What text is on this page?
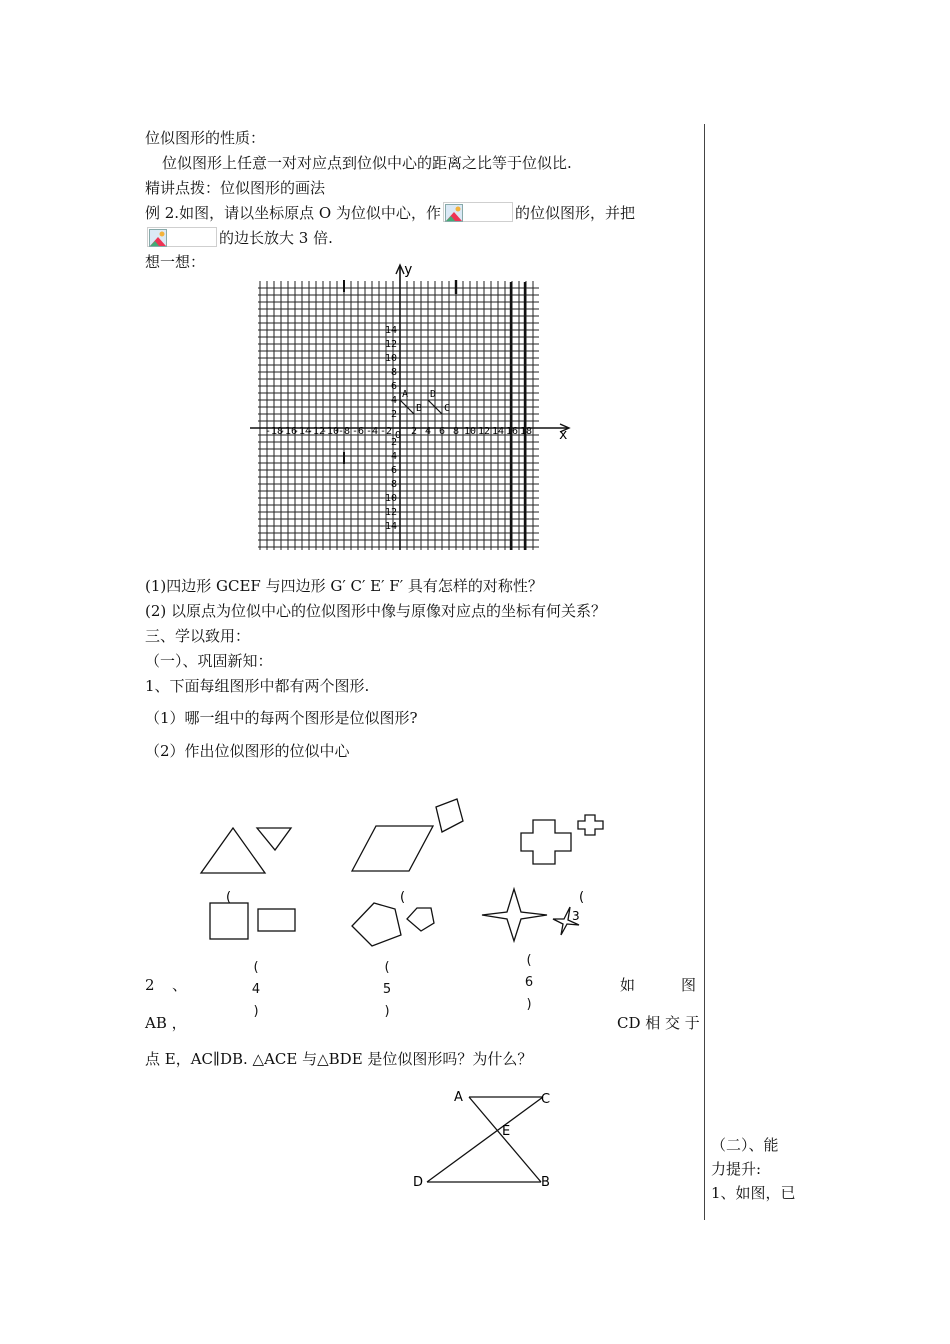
位似图形的性质：
位似图形上任意一对对应点到位似中心的距离之比等于位似比.
精讲点拨：位似图形的画法
例 2.如图，请以坐标原点 O 为位似中心，作	的位似图形，并把
的边长放大 3 倍.
想一想：
x
y
O
-18
-16
-14
-12
-10
-8 -6 -4 -2 2 4 6 8 10 12 14 16 18
14
12
10
8
6
4
2
-2
-4
-6
-8
-10
-12
-14
A
B
D
C
(1)四边形 GCEF 与四边形 G′ C′ E′ F′ 具有怎样的对称性？
(2) 以原点为位似中心的位似图形中像与原像对应点的坐标有何关系？
三、学以致用：
（一）、巩固新知：
1、下面每组图形中都有两个图形.
（1）哪一组中的每两个图形是位似图形?
（2）作出位似图形的位似中心
(	(	(
3
(
4
)
(
5
)
(
6
)
2 、	如	图
AB ，	CD 相 交 于
点 E，AC∥DB. △ACE 与△BDE 是位似图形吗？为什么？
A	C
E
D	B
（二）、能
力提升:
1、如图，已
